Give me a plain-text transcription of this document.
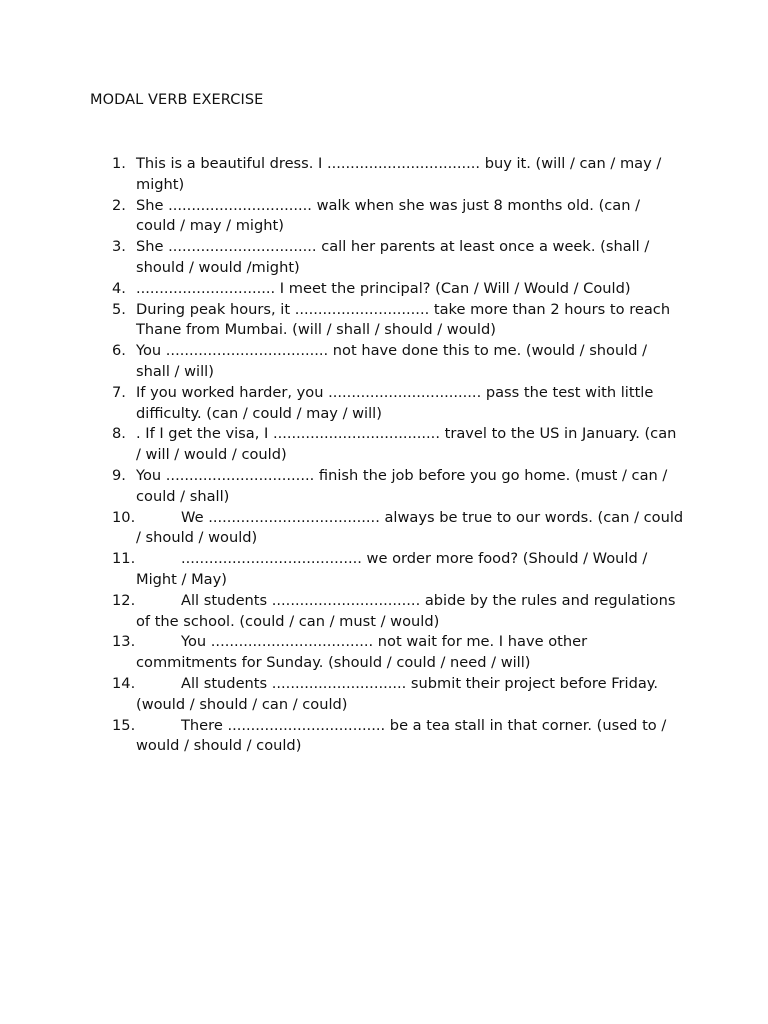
MODAL VERB EXERCISE
1. This is a beautiful dress. I ................................. buy it. (will / can / may / might)
2. She ............................... walk when she was just 8 months old. (can / could / may / might)
3. She ................................ call her parents at least once a week. (shall / should / would /might)
4. .............................. I meet the principal? (Can / Will / Would / Could)
5. During peak hours, it ............................. take more than 2 hours to reach Thane from Mumbai. (will / shall / should / would)
6. You ................................... not have done this to me. (would / should / shall / will)
7. If you worked harder, you ................................. pass the test with little difficulty. (can / could / may / will)
8. . If I get the visa, I .................................... travel to the US in January. (can / will / would / could)
9. You ................................ finish the job before you go home. (must / can / could / shall)
10.	We ..................................... always be true to our words. (can / could / should / would)
11.	....................................... we order more food? (Should / Would / Might / May)
12.	All students ................................ abide by the rules and regulations of the school. (could / can / must / would)
13.	You ................................... not wait for me. I have other commitments for Sunday. (should / could / need / will)
14.	All students ............................. submit their project before Friday. (would / should / can / could)
15.	There .................................. be a tea stall in that corner. (used to / would / should / could)
